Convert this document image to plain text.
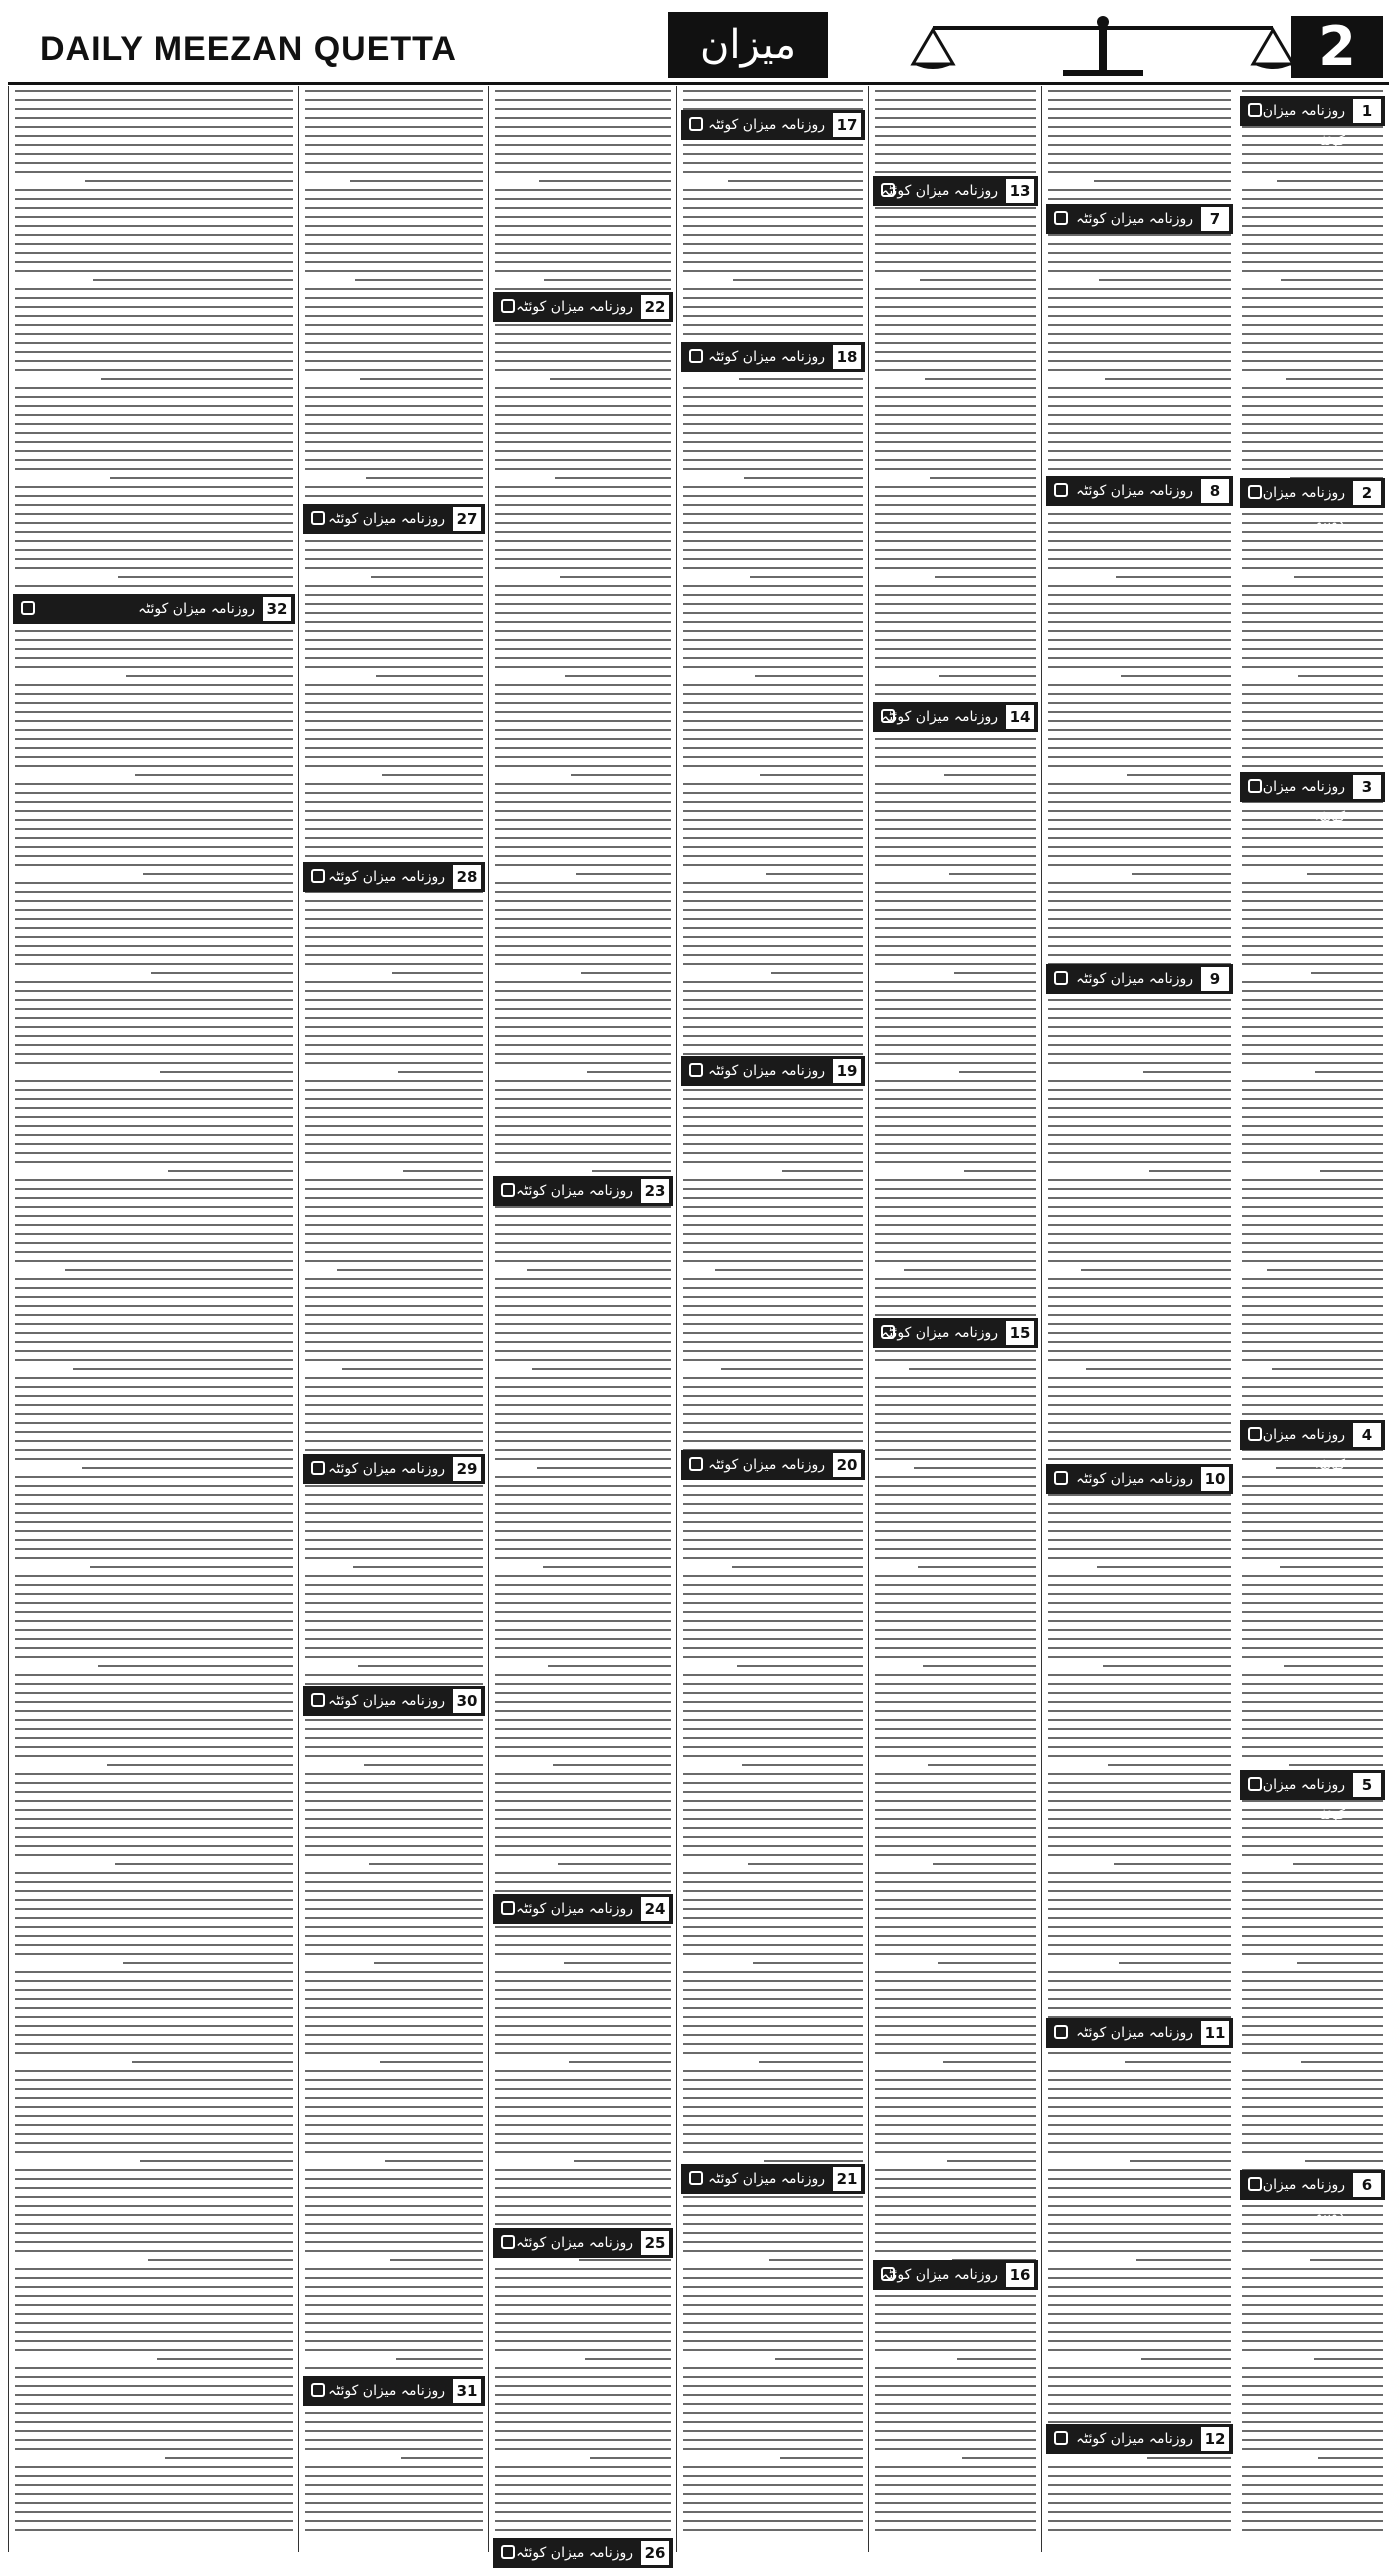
DAILY MEEZAN QUETTA	میزان	2
1
روزنامہ میزان کوئٹہ
2
روزنامہ میزان کوئٹہ
3
روزنامہ میزان کوئٹہ
4
روزنامہ میزان کوئٹہ
5
روزنامہ میزان کوئٹہ
6
روزنامہ میزان کوئٹہ
7
روزنامہ میزان کوئٹہ
8
روزنامہ میزان کوئٹہ
9
روزنامہ میزان کوئٹہ
10
روزنامہ میزان کوئٹہ
11
روزنامہ میزان کوئٹہ
12
روزنامہ میزان کوئٹہ
13
روزنامہ میزان کوئٹہ
14
روزنامہ میزان کوئٹہ
15
روزنامہ میزان کوئٹہ
16
روزنامہ میزان کوئٹہ
17
روزنامہ میزان کوئٹہ
18
روزنامہ میزان کوئٹہ
19
روزنامہ میزان کوئٹہ
20
روزنامہ میزان کوئٹہ
21
روزنامہ میزان کوئٹہ
22
روزنامہ میزان کوئٹہ
23
روزنامہ میزان کوئٹہ
24
روزنامہ میزان کوئٹہ
25
روزنامہ میزان کوئٹہ
26
روزنامہ میزان کوئٹہ
27
روزنامہ میزان کوئٹہ
28
روزنامہ میزان کوئٹہ
29
روزنامہ میزان کوئٹہ
30
روزنامہ میزان کوئٹہ
31
روزنامہ میزان کوئٹہ
32
روزنامہ میزان کوئٹہ
